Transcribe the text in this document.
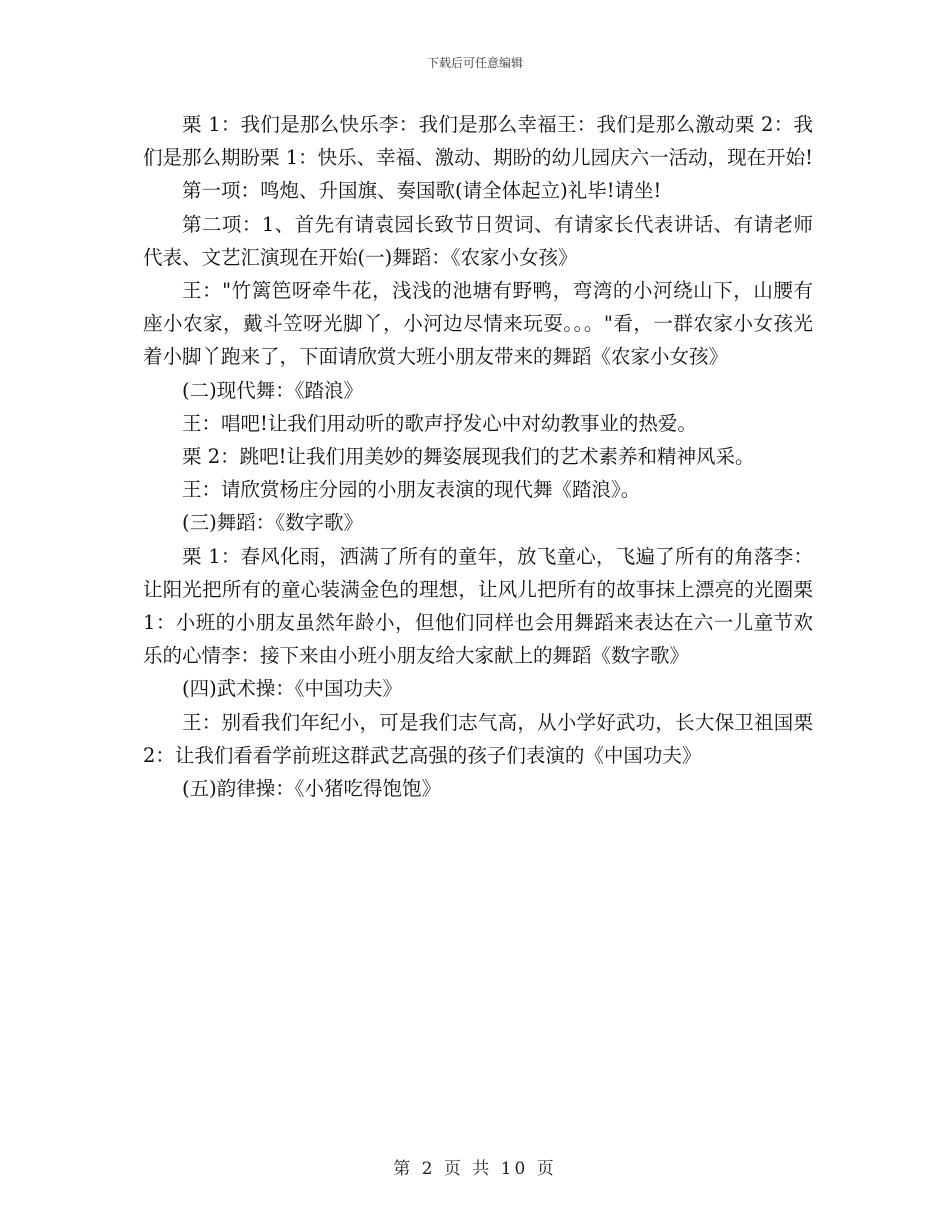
下载后可任意编辑

栗 1：我们是那么快乐李：我们是那么幸福王：我们是那么激动栗 2：我们是那么期盼栗 1：快乐、幸福、激动、期盼的幼儿园庆六一活动，现在开始!

第一项：鸣炮、升国旗、奏国歌(请全体起立)礼毕!请坐!

第二项：1、首先有请袁园长致节日贺词、有请家长代表讲话、有请老师代表、文艺汇演现在开始(一)舞蹈：《农家小女孩》

王："竹篱笆呀牵牛花，浅浅的池塘有野鸭，弯湾的小河绕山下，山腰有座小农家，戴斗笠呀光脚丫，小河边尽情来玩耍。。。"看，一群农家小女孩光着小脚丫跑来了，下面请欣赏大班小朋友带来的舞蹈《农家小女孩》

(二)现代舞：《踏浪》

王：唱吧!让我们用动听的歌声抒发心中对幼教事业的热爱。

栗 2：跳吧!让我们用美妙的舞姿展现我们的艺术素养和精神风采。

王：请欣赏杨庄分园的小朋友表演的现代舞《踏浪》。

(三)舞蹈：《数字歌》

栗 1：春风化雨，洒满了所有的童年，放飞童心，飞遍了所有的角落李：让阳光把所有的童心装满金色的理想，让风儿把所有的故事抹上漂亮的光圈栗 1：小班的小朋友虽然年龄小，但他们同样也会用舞蹈来表达在六一儿童节欢乐的心情李：接下来由小班小朋友给大家献上的舞蹈《数字歌》

(四)武术操：《中国功夫》

王：别看我们年纪小，可是我们志气高，从小学好武功，长大保卫祖国栗 2：让我们看看学前班这群武艺高强的孩子们表演的《中国功夫》

(五)韵律操：《小猪吃得饱饱》

第 2 页 共 10 页
